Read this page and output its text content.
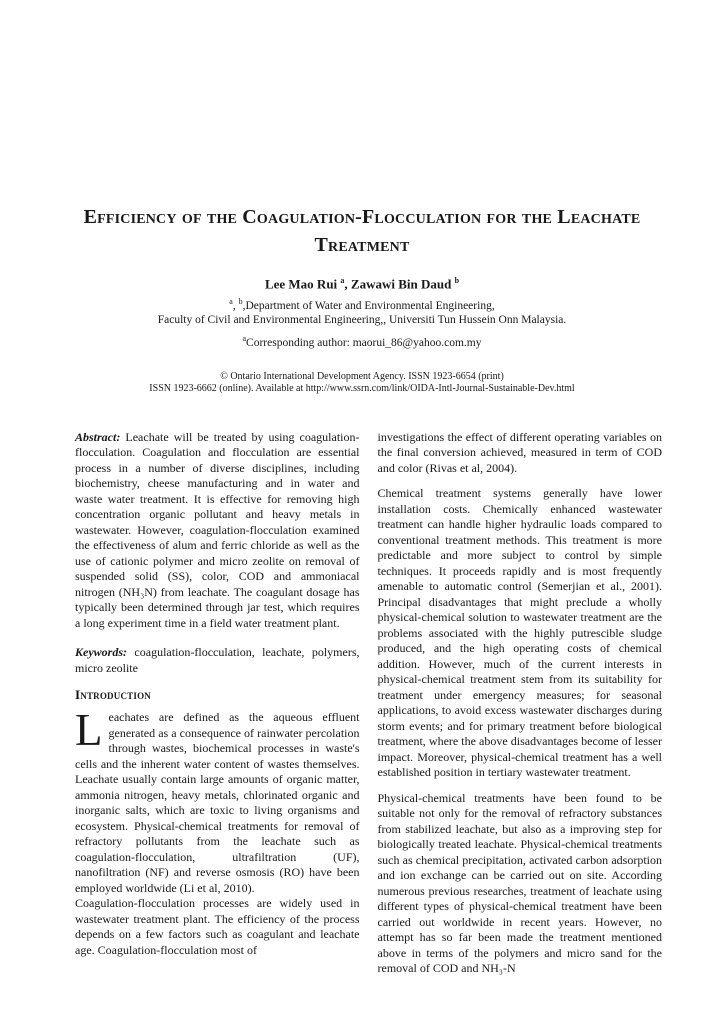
Efficiency of the Coagulation-Flocculation for the Leachate Treatment
Lee Mao Rui $^a$, Zawawi Bin Daud $^b$
$^a$, $^b$,Department of Water and Environmental Engineering,
Faculty of Civil and Environmental Engineering,, Universiti Tun Hussein Onn Malaysia.
$^a$Corresponding author: maorui_86@yahoo.com.my
© Ontario International Development Agency. ISSN 1923-6654 (print)
ISSN 1923-6662 (online). Available at http://www.ssrn.com/link/OIDA-Intl-Journal-Sustainable-Dev.html

Abstract: Leachate will be treated by using coagulation-flocculation. Coagulation and flocculation are essential process in a number of diverse disciplines, including biochemistry, cheese manufacturing and in water and waste water treatment. It is effective for removing high concentration organic pollutant and heavy metals in wastewater. However, coagulation-flocculation examined the effectiveness of alum and ferric chloride as well as the use of cationic polymer and micro zeolite on removal of suspended solid (SS), color, COD and ammoniacal nitrogen (NH₃N) from leachate. The coagulant dosage has typically been determined through jar test, which requires a long experiment time in a field water treatment plant.

Keywords: coagulation-flocculation, leachate, polymers, micro zeolite

Introduction

Leachates are defined as the aqueous effluent generated as a consequence of rainwater percolation through wastes, biochemical processes in waste's cells and the inherent water content of wastes themselves. Leachate usually contain large amounts of organic matter, ammonia nitrogen, heavy metals, chlorinated organic and inorganic salts, which are toxic to living organisms and ecosystem. Physical-chemical treatments for removal of refractory pollutants from the leachate such as coagulation-flocculation, ultrafiltration (UF), nanofiltration (NF) and reverse osmosis (RO) have been employed worldwide (Li et al, 2010).

Coagulation-flocculation processes are widely used in wastewater treatment plant. The efficiency of the process depends on a few factors such as coagulant and leachate age. Coagulation-flocculation most of

investigations the effect of different operating variables on the final conversion achieved, measured in term of COD and color (Rivas et al, 2004).

Chemical treatment systems generally have lower installation costs. Chemically enhanced wastewater treatment can handle higher hydraulic loads compared to conventional treatment methods. This treatment is more predictable and more subject to control by simple techniques. It proceeds rapidly and is most frequently amenable to automatic control (Semerjian et al., 2001). Principal disadvantages that might preclude a wholly physical-chemical solution to wastewater treatment are the problems associated with the highly putrescible sludge produced, and the high operating costs of chemical addition. However, much of the current interests in physical-chemical treatment stem from its suitability for treatment under emergency measures; for seasonal applications, to avoid excess wastewater discharges during storm events; and for primary treatment before biological treatment, where the above disadvantages become of lesser impact. Moreover, physical-chemical treatment has a well established position in tertiary wastewater treatment.

Physical-chemical treatments have been found to be suitable not only for the removal of refractory substances from stabilized leachate, but also as a improving step for biologically treated leachate. Physical-chemical treatments such as chemical precipitation, activated carbon adsorption and ion exchange can be carried out on site. According numerous previous researches, treatment of leachate using different types of physical-chemical treatment have been carried out worldwide in recent years. However, no attempt has so far been made the treatment mentioned above in terms of the polymers and micro sand for the removal of COD and NH₃-N
